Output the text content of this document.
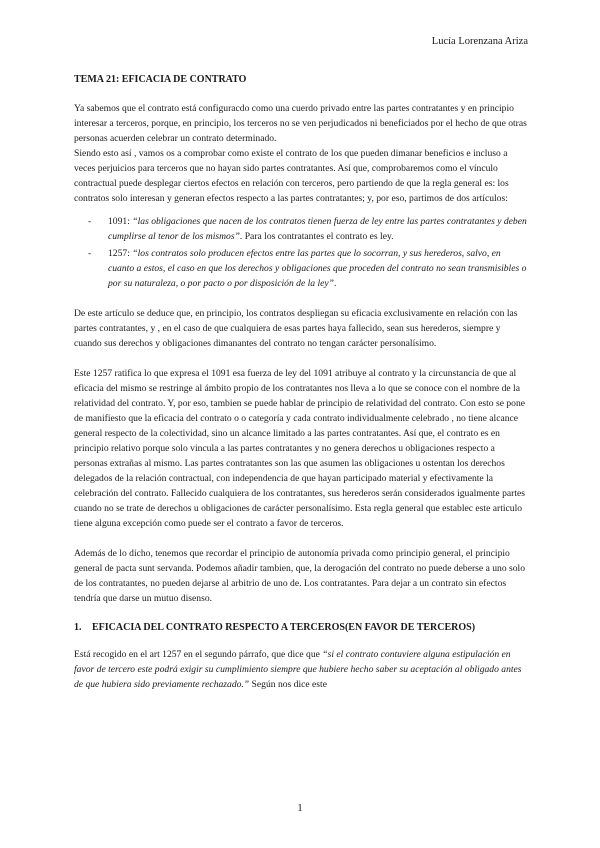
Lucía Lorenzana Ariza
TEMA 21: EFICACIA DE CONTRATO

Ya sabemos que el contrato está configuracdo como una cuerdo privado entre las partes contratantes y en principio interesar a terceros, porque, en principio, los terceros no se ven perjudicados ni beneficiados por el hecho de que otras personas acuerden celebrar un contrato determinado.

Siendo esto así , vamos os a comprobar como existe el contrato de los que pueden dimanar beneficios e incluso a veces perjuicios para terceros que no hayan sido partes contratantes. Así que, comprobaremos como el vínculo contractual puede desplegar ciertos efectos en relación con terceros, pero partiendo de que la regla general es: los contratos solo interesan y generan efectos respecto a las partes contratantes; y, por eso, partimos de dos artículos:

- 1091: “las obligaciones que nacen de los contratos tienen fuerza de ley entre las partes contratantes y deben cumplirse al tenor de los mismos”. Para los contratantes el contrato es ley.
- 1257: “los contratos solo producen efectos entre las partes que lo socorran, y sus herederos, salvo, en cuanto a estos, el caso en que los derechos y obligaciones que proceden del contrato no sean transmisibles o por su naturaleza, o por pacto o por disposición de la ley”.

De este artículo se deduce que, en principio, los contratos despliegan su eficacia exclusivamente en relación con las partes contratantes, y , en el caso de que cualquiera de esas partes haya fallecido, sean sus herederos, siempre y cuando sus derechos y obligaciones dimanantes del contrato no tengan carácter personalísimo.

Este 1257 ratifica lo que expresa el 1091 esa fuerza de ley del 1091 atribuye al contrato y la circunstancia de que al eficacia del mismo se restringe al ámbito propio de los contratantes nos lleva a lo que se conoce con el nombre de la relatividad del contrato. Y, por eso, tambien se puede hablar de principio de relatividad del contrato. Con esto se pone de manifiesto que la eficacia del contrato o o categoría y cada contrato individualmente celebrado , no tiene alcance general respecto de la colectividad, sino un alcance limitado a las partes contratantes. Así que, el contrato es en principio relativo porque solo vincula a las partes contratantes y no genera derechos u obligaciones respecto a personas extrañas al mismo. Las partes contratantes son las que asumen las obligaciones u ostentan los derechos delegados de la relación contractual, con independencia de que hayan participado material y efectivamente la celebración del contrato. Fallecido cualquiera de los contratantes, sus herederos serán considerados igualmente partes cuando no se trate de derechos u obligaciones de carácter personalísimo. Esta regla general que establec este articulo tiene alguna excepción como puede ser el contrato a favor de terceros.

Además de lo dicho, tenemos que recordar el principio de autonomía privada como principio general, el principio general de pacta sunt servanda. Podemos añadir tambien, que, la derogación del contrato no puede deberse a uno solo de los contratantes, no pueden dejarse al arbitrio de uno de. Los contratantes. Para dejar a un contrato sin efectos tendría que darse un mutuo disenso.

1. EFICACIA DEL CONTRATO RESPECTO A TERCEROS(EN FAVOR DE TERCEROS)

Está recogido en el art 1257 en el segundo párrafo, que dice que “si el contrato contuviere alguna estipulación en favor de tercero este podrá exigir su cumplimiento siempre que hubiere hecho saber su aceptación al obligado antes de que hubiera sido previamente rechazado.” Según nos dice este

1
